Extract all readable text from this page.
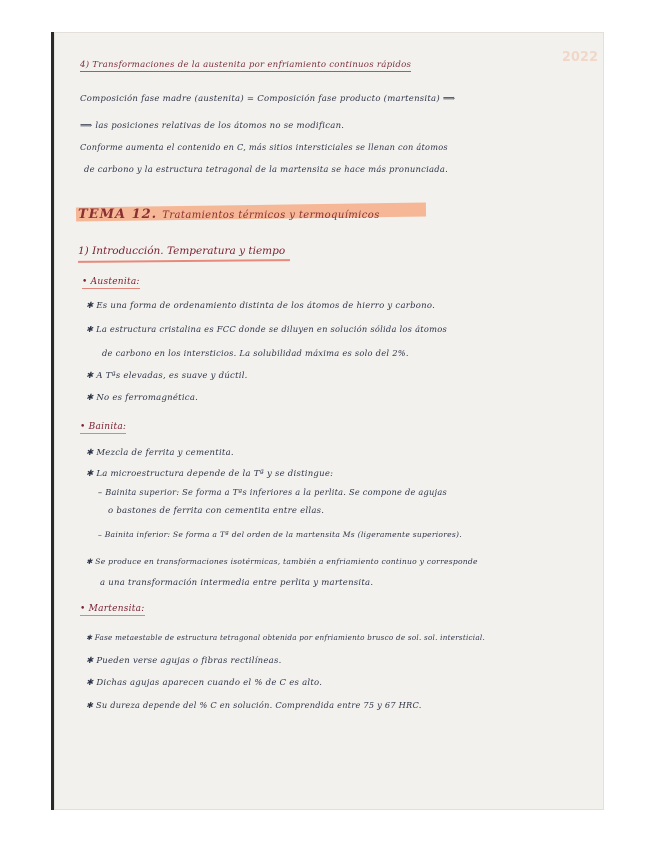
2022
4) Transformaciones de la austenita por enfriamiento continuos rápidos
Composición fase madre (austenita) = Composición fase producto (martensita) ⟹
⟹ las posiciones relativas de los átomos no se modifican.
Conforme aumenta el contenido en C, más sitios intersticiales se llenan con átomos
de carbono y la estructura tetragonal de la martensita se hace más pronunciada.
TEMA 12. Tratamientos térmicos y termoquímicos
1) Introducción. Temperatura y tiempo
• Austenita:
✱ Es una forma de ordenamiento distinta de los átomos de hierro y carbono.
✱ La estructura cristalina es FCC donde se diluyen en solución sólida los átomos
de carbono en los intersticios. La solubilidad máxima es solo del 2%.
✱ A Tªs elevadas, es suave y dúctil.
✱ No es ferromagnética.
• Bainita:
✱ Mezcla de ferrita y cementita.
✱ La microestructura depende de la Tª y se distingue:
– Bainita superior: Se forma a Tªs inferiores a la perlita. Se compone de agujas
o bastones de ferrita con cementita entre ellas.
– Bainita inferior: Se forma a Tª del orden de la martensita Ms (ligeramente superiores).
✱ Se produce en transformaciones isotérmicas, también a enfriamiento continuo y corresponde
a una transformación intermedia entre perlita y martensita.
• Martensita:
✱ Fase metaestable de estructura tetragonal obtenida por enfriamiento brusco de sol. sol. intersticial.
✱ Pueden verse agujas o fibras rectilíneas.
✱ Dichas agujas aparecen cuando el % de C es alto.
✱ Su dureza depende del % C en solución. Comprendida entre 75 y 67 HRC.
